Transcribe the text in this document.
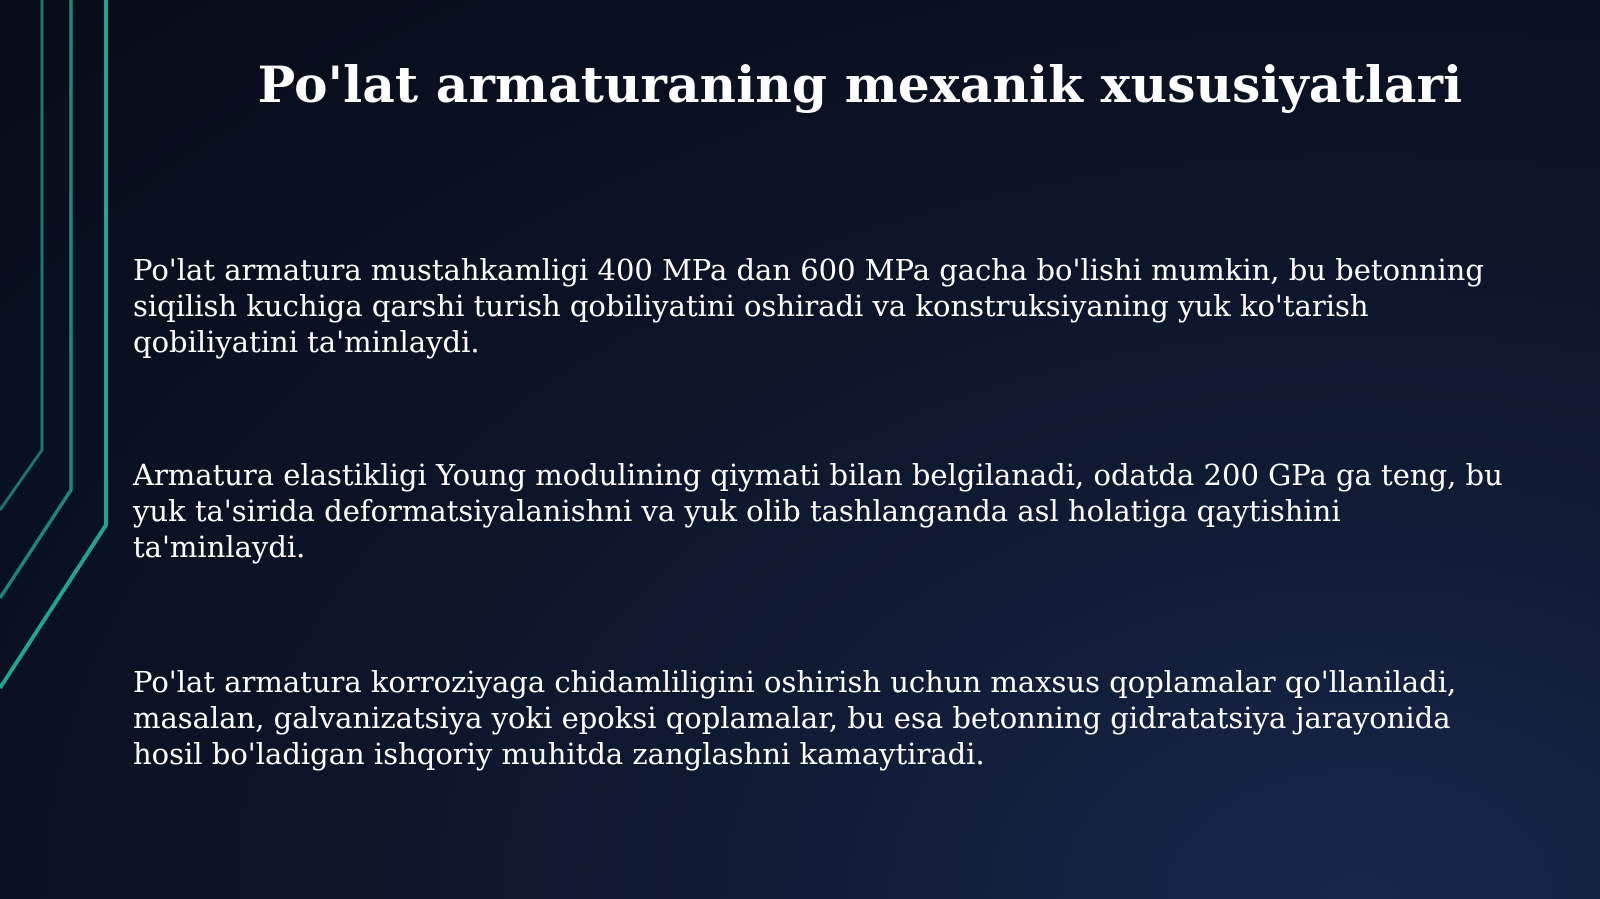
Po'lat armaturaning mexanik xususiyatlari

Po'lat armatura mustahkamligi 400 MPa dan 600 MPa gacha bo'lishi mumkin, bu betonning siqilish kuchiga qarshi turish qobiliyatini oshiradi va konstruksiyaning yuk ko'tarish qobiliyatini ta'minlaydi.

Armatura elastikligi Young modulining qiymati bilan belgilanadi, odatda 200 GPa ga teng, bu yuk ta'sirida deformatsiyalanishni va yuk olib tashlanganda asl holatiga qaytishini ta'minlaydi.

Po'lat armatura korroziyaga chidamliligini oshirish uchun maxsus qoplamalar qo'llaniladi, masalan, galvanizatsiya yoki epoksi qoplamalar, bu esa betonning gidratatsiya jarayonida hosil bo'ladigan ishqoriy muhitda zanglashni kamaytiradi.
